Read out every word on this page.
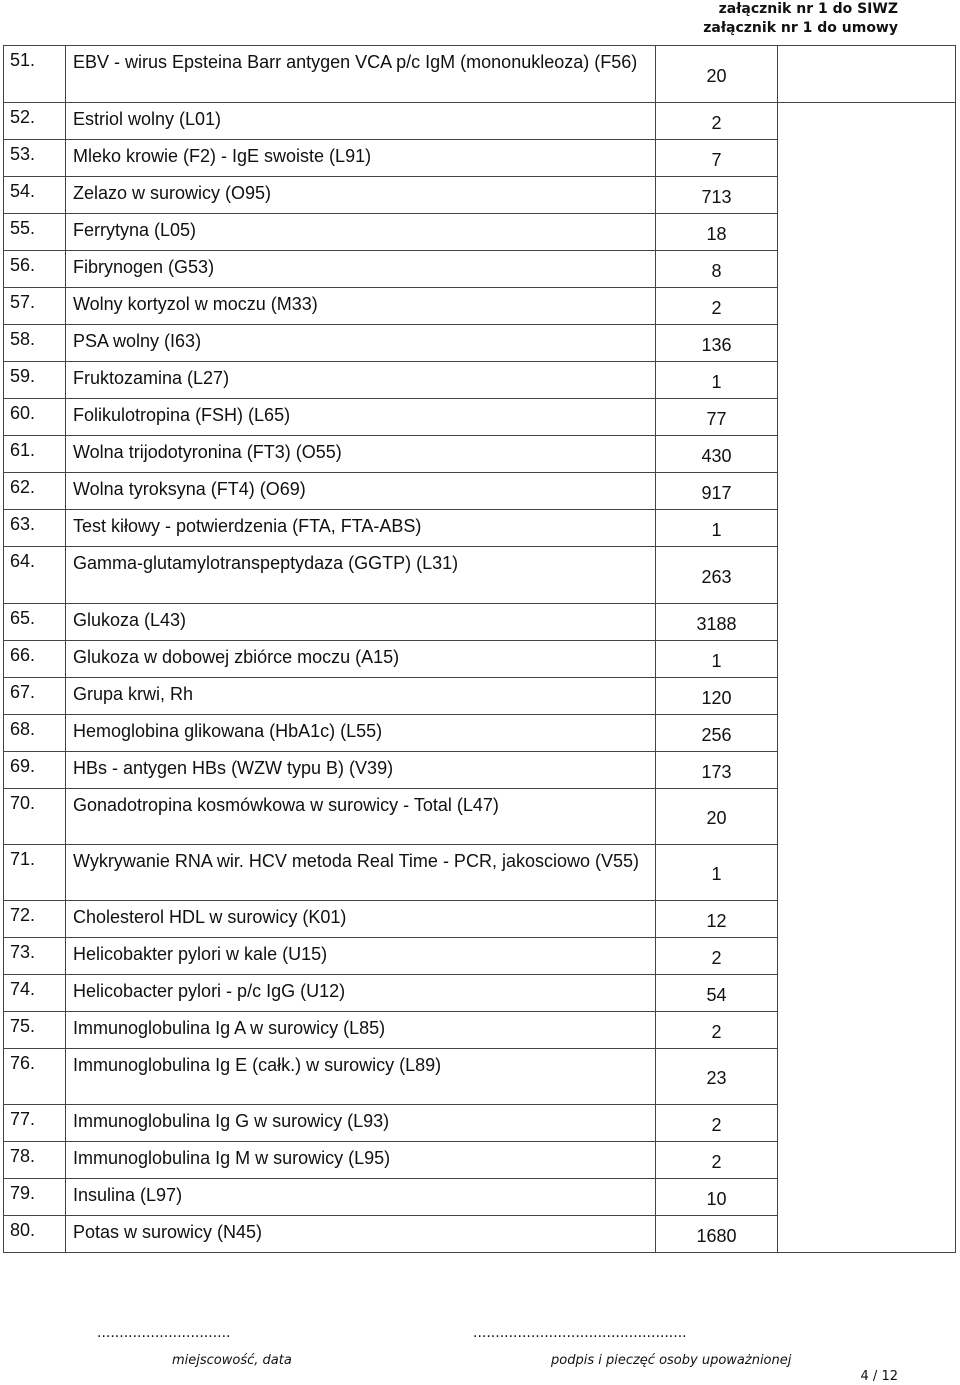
załącznik nr 1 do SIWZ
załącznik nr 1 do umowy
51.	EBV - wirus Epsteina Barr antygen VCA p/c IgM (mononukleoza) (F56)	20	
52.	Estriol wolny (L01)	2	
53.	Mleko krowie (F2) - IgE swoiste (L91)	7	
54.	Zelazo w surowicy (O95)	713	
55.	Ferrytyna (L05)	18	
56.	Fibrynogen (G53)	8	
57.	Wolny kortyzol w moczu (M33)	2	
58.	PSA wolny (I63)	136	
59.	Fruktozamina (L27)	1	
60.	Folikulotropina (FSH) (L65)	77	
61.	Wolna trijodotyronina (FT3) (O55)	430	
62.	Wolna tyroksyna (FT4) (O69)	917	
63.	Test kiłowy - potwierdzenia (FTA, FTA-ABS)	1	
64.	Gamma-glutamylotranspeptydaza (GGTP) (L31)	263	
65.	Glukoza (L43)	3188	
66.	Glukoza w dobowej zbiórce moczu (A15)	1	
67.	Grupa krwi, Rh	120	
68.	Hemoglobina glikowana (HbA1c) (L55)	256	
69.	HBs - antygen HBs (WZW typu B) (V39)	173	
70.	Gonadotropina kosmówkowa w surowicy - Total (L47)	20	
71.	Wykrywanie RNA wir. HCV metoda Real Time - PCR, jakosciowo (V55)	1	
72.	Cholesterol HDL w surowicy (K01)	12	
73.	Helicobakter pylori w kale (U15)	2	
74.	Helicobacter pylori - p/c IgG (U12)	54	
75.	Immunoglobulina Ig A w surowicy (L85)	2	
76.	Immunoglobulina Ig E (całk.) w surowicy (L89)	23	
77.	Immunoglobulina Ig G w surowicy (L93)	2	
78.	Immunoglobulina Ig M w surowicy (L95)	2	
79.	Insulina (L97)	10	
80.	Potas w surowicy (N45)	1680	
..............................	................................................
miejscowość, data	podpis i pieczęć osoby upoważnionej
4 / 12
